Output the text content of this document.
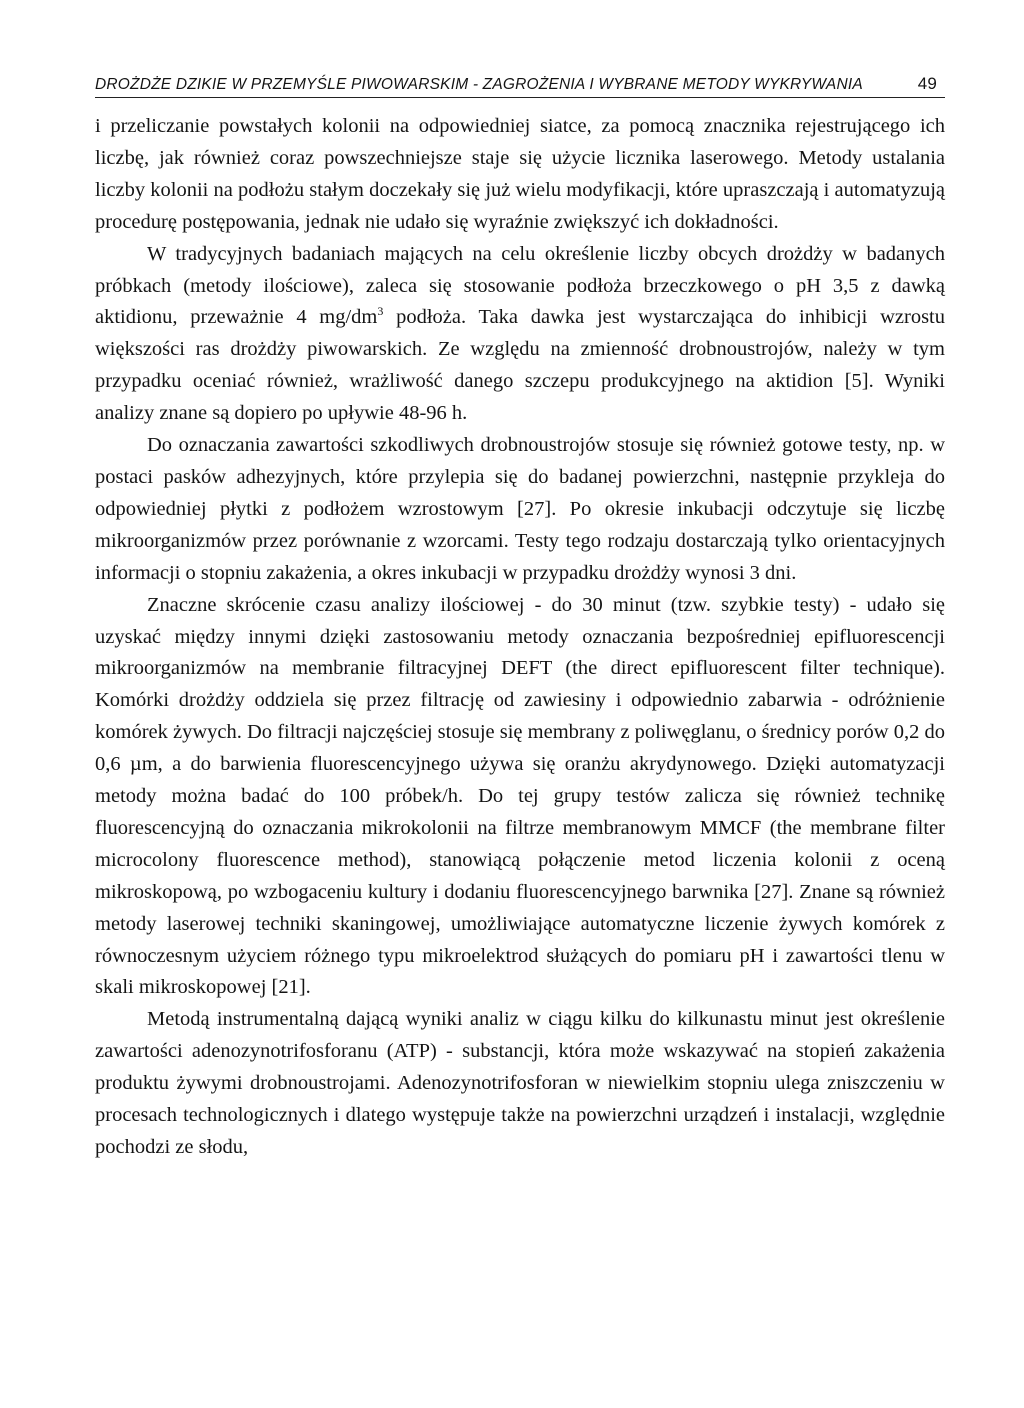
DROŻDŻE DZIKIE W PRZEMYŚLE PIWOWARSKIM - ZAGROŻENIA I WYBRANE METODY WYKRYWANIA	49

i przeliczanie powstałych kolonii na odpowiedniej siatce, za pomocą znacznika rejestrującego ich liczbę, jak również coraz powszechniejsze staje się użycie licznika laserowego. Metody ustalania liczby kolonii na podłożu stałym doczekały się już wielu modyfikacji, które upraszczają i automatyzują procedurę postępowania, jednak nie udało się wyraźnie zwiększyć ich dokładności.

W tradycyjnych badaniach mających na celu określenie liczby obcych drożdży w badanych próbkach (metody ilościowe), zaleca się stosowanie podłoża brzeczkowego o pH 3,5 z dawką aktidionu, przeważnie 4 $mg/dm^3$ podłoża. Taka dawka jest wystarczająca do inhibicji wzrostu większości ras drożdży piwowarskich. Ze względu na zmienność drobnoustrojów, należy w tym przypadku oceniać również, wrażliwość danego szczepu produkcyjnego na aktidion [5]. Wyniki analizy znane są dopiero po upływie 48-96 h.

Do oznaczania zawartości szkodliwych drobnoustrojów stosuje się również gotowe testy, np. w postaci pasków adhezyjnych, które przylepia się do badanej powierzchni, następnie przykleja do odpowiedniej płytki z podłożem wzrostowym [27]. Po okresie inkubacji odczytuje się liczbę mikroorganizmów przez porównanie z wzorcami. Testy tego rodzaju dostarczają tylko orientacyjnych informacji o stopniu zakażenia, a okres inkubacji w przypadku drożdży wynosi 3 dni.

Znaczne skrócenie czasu analizy ilościowej - do 30 minut (tzw. szybkie testy) - udało się uzyskać między innymi dzięki zastosowaniu metody oznaczania bezpośredniej epifluorescencji mikroorganizmów na membranie filtracyjnej DEFT (the direct epifluorescent filter technique). Komórki drożdży oddziela się przez filtrację od zawiesiny i odpowiednio zabarwia - odróżnienie komórek żywych. Do filtracji najczęściej stosuje się membrany z poliwęglanu, o średnicy porów 0,2 do 0,6 µm, a do barwienia fluorescencyjnego używa się oranżu akrydynowego. Dzięki automatyzacji metody można badać do 100 próbek/h. Do tej grupy testów zalicza się również technikę fluorescencyjną do oznaczania mikrokolonii na filtrze membranowym MMCF (the membrane filter microcolony fluorescence method), stanowiącą połączenie metod liczenia kolonii z oceną mikroskopową, po wzbogaceniu kultury i dodaniu fluorescencyjnego barwnika [27]. Znane są również metody laserowej techniki skaningowej, umożliwiające automatyczne liczenie żywych komórek z równoczesnym użyciem różnego typu mikroelektrod służących do pomiaru pH i zawartości tlenu w skali mikroskopowej [21].

Metodą instrumentalną dającą wyniki analiz w ciągu kilku do kilkunastu minut jest określenie zawartości adenozynotrifosforanu (ATP) - substancji, która może wskazywać na stopień zakażenia produktu żywymi drobnoustrojami. Adenozynotrifosforan w niewielkim stopniu ulega zniszczeniu w procesach technologicznych i dlatego występuje także na powierzchni urządzeń i instalacji, względnie pochodzi ze słodu,
